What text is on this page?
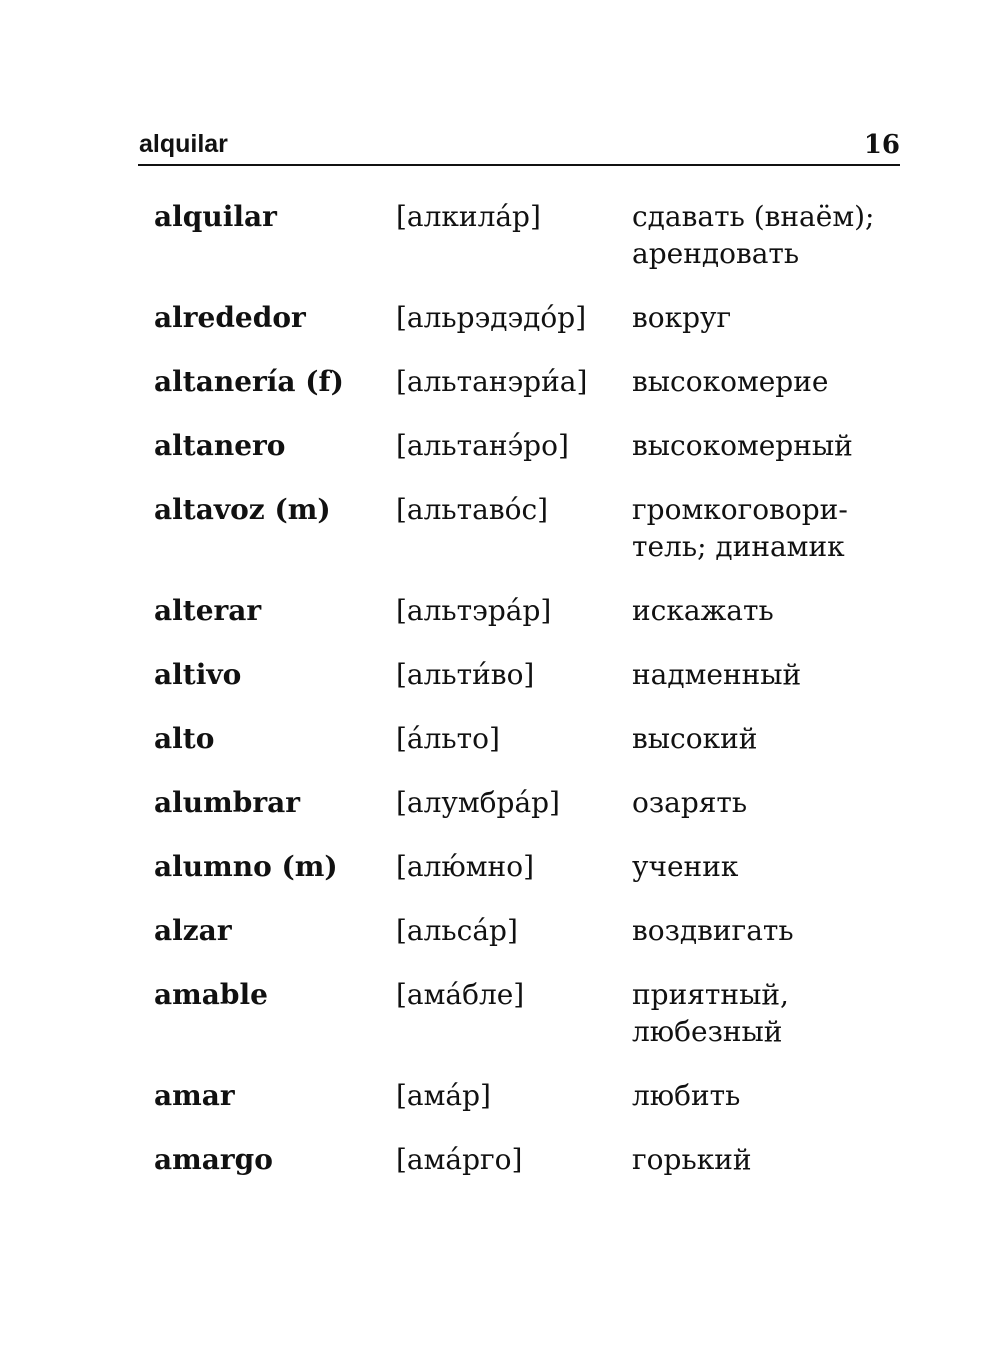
alquilar	16
alquilar	[алкила́р]	сдавать (внаём);
арендовать
alrededor	[альрэдэдо́р]	вокруг
altanería (f)	[альтанэри́а]	высокомерие
altanero	[альтанэ́ро]	высокомерный
altavoz (m)	[альтаво́с]	громкоговори-
тель; динамик
alterar	[альтэра́р]	искажать
altivo	[альти́во]	надменный
alto	[а́льто]	высокий
alumbrar	[алумбра́р]	озарять
alumno (m)	[алю́мно]	ученик
alzar	[альса́р]	воздвигать
amable	[ама́бле]	приятный,
любезный
amar	[ама́р]	любить
amargo	[ама́рго]	горький
